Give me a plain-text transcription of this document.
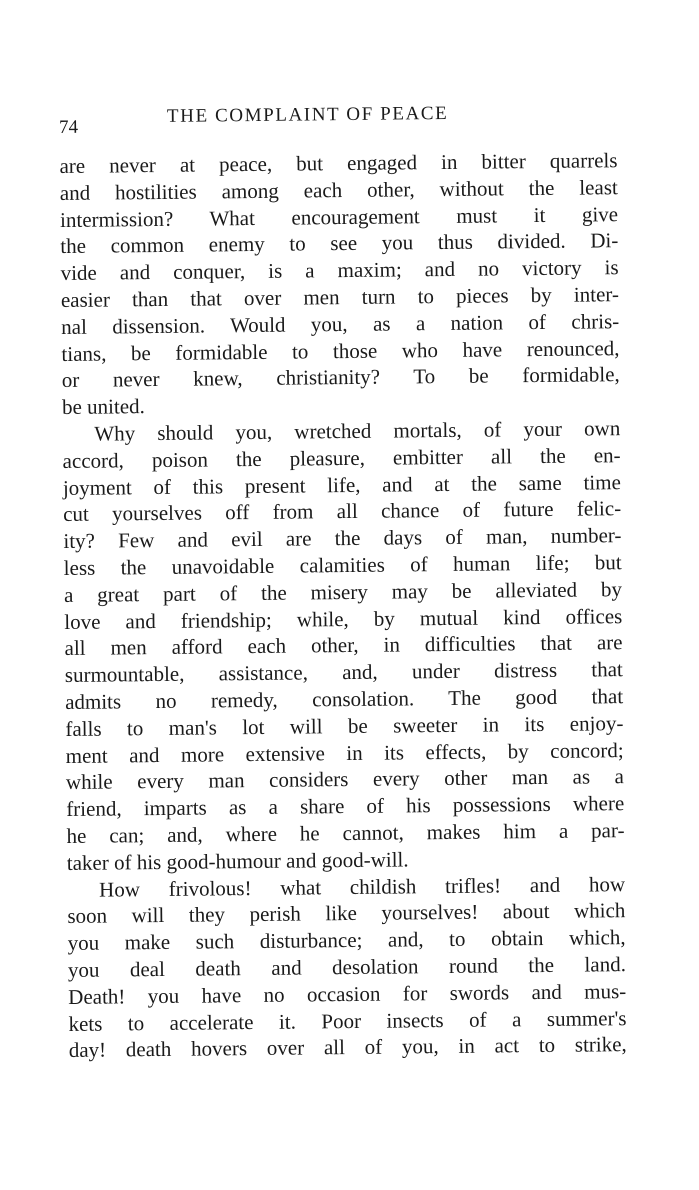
74
THE COMPLAINT OF PEACE
are never at peace, but engaged in bitter quarrels
and hostilities among each other, without the least
intermission? What encouragement must it give
the common enemy to see you thus divided. Di-
vide and conquer, is a maxim; and no victory is
easier than that over men turn to pieces by inter-
nal dissension. Would you, as a nation of chris-
tians, be formidable to those who have renounced,
or never knew, christianity? To be formidable,
be united.
Why should you, wretched mortals, of your own
accord, poison the pleasure, embitter all the en-
joyment of this present life, and at the same time
cut yourselves off from all chance of future felic-
ity? Few and evil are the days of man, number-
less the unavoidable calamities of human life; but
a great part of the misery may be alleviated by
love and friendship; while, by mutual kind offices
all men afford each other, in difficulties that are
surmountable, assistance, and, under distress that
admits no remedy, consolation. The good that
falls to man's lot will be sweeter in its enjoy-
ment and more extensive in its effects, by concord;
while every man considers every other man as a
friend, imparts as a share of his possessions where
he can; and, where he cannot, makes him a par-
taker of his good-humour and good-will.
How frivolous! what childish trifles! and how
soon will they perish like yourselves! about which
you make such disturbance; and, to obtain which,
you deal death and desolation round the land.
Death! you have no occasion for swords and mus-
kets to accelerate it. Poor insects of a summer's
day! death hovers over all of you, in act to strike,
